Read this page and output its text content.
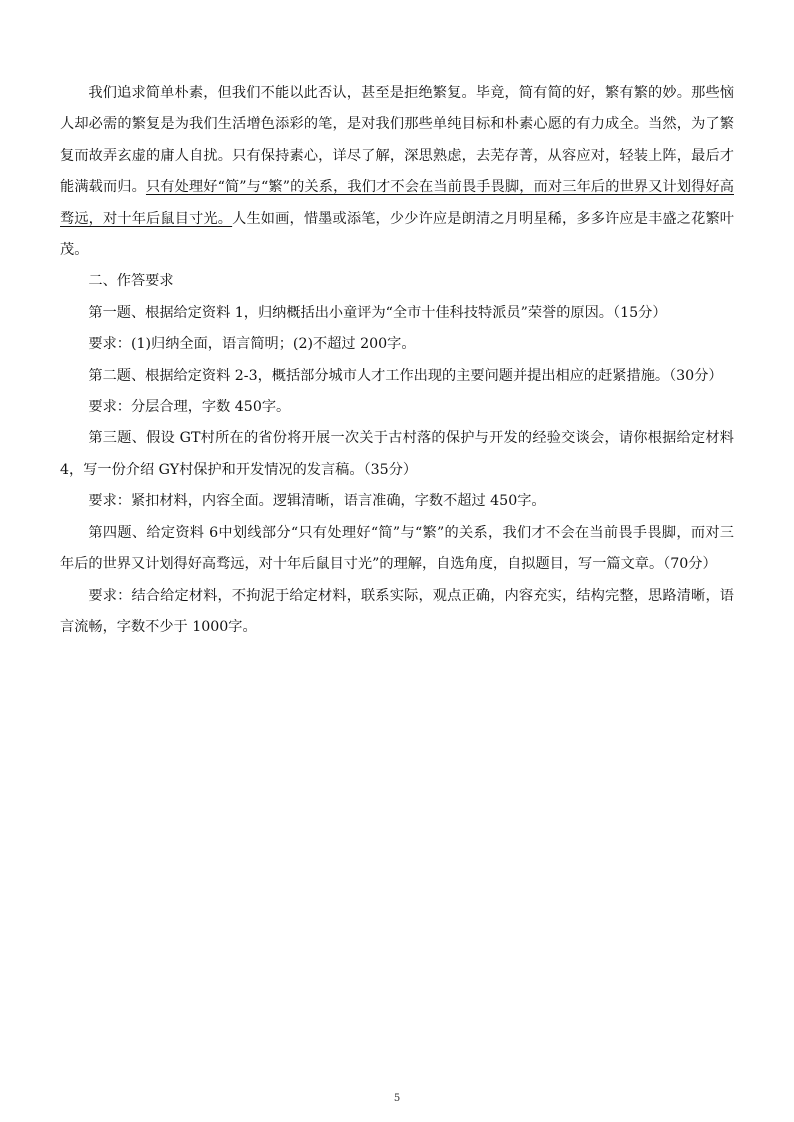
我们追求简单朴素，但我们不能以此否认，甚至是拒绝繁复。毕竟，简有简的好，繁有繁的妙。那些恼人却必需的繁复是为我们生活增色添彩的笔，是对我们那些单纯目标和朴素心愿的有力成全。当然，为了繁复而故弄玄虚的庸人自扰。只有保持素心，详尽了解，深思熟虑，去芜存菁，从容应对，轻装上阵，最后才能满载而归。只有处理好“简”与“繁”的关系，我们才不会在当前畏手畏脚，而对三年后的世界又计划得好高骛远，对十年后鼠目寸光。人生如画，惜墨或添笔，少少许应是朗清之月明星稀，多多许应是丰盛之花繁叶茂。

二、作答要求

第一题、根据给定资料 1，归纳概括出小童评为“全市十佳科技特派员”荣誉的原因。（15分）

要求：(1)归纳全面，语言简明；(2)不超过 200字。

第二题、根据给定资料 2-3，概括部分城市人才工作出现的主要问题并提出相应的赶紧措施。（30分）

要求：分层合理，字数 450字。

第三题、假设 GT村所在的省份将开展一次关于古村落的保护与开发的经验交谈会，请你根据给定材料 4，写一份介绍 GY村保护和开发情况的发言稿。（35分）

要求：紧扣材料，内容全面。逻辑清晰，语言准确，字数不超过 450字。

第四题、给定资料 6中划线部分“只有处理好“简”与“繁”的关系，我们才不会在当前畏手畏脚，而对三年后的世界又计划得好高骛远，对十年后鼠目寸光”的理解，自选角度，自拟题目，写一篇文章。（70分）

要求：结合给定材料，不拘泥于给定材料，联系实际，观点正确，内容充实，结构完整，思路清晰，语言流畅，字数不少于 1000字。

5
